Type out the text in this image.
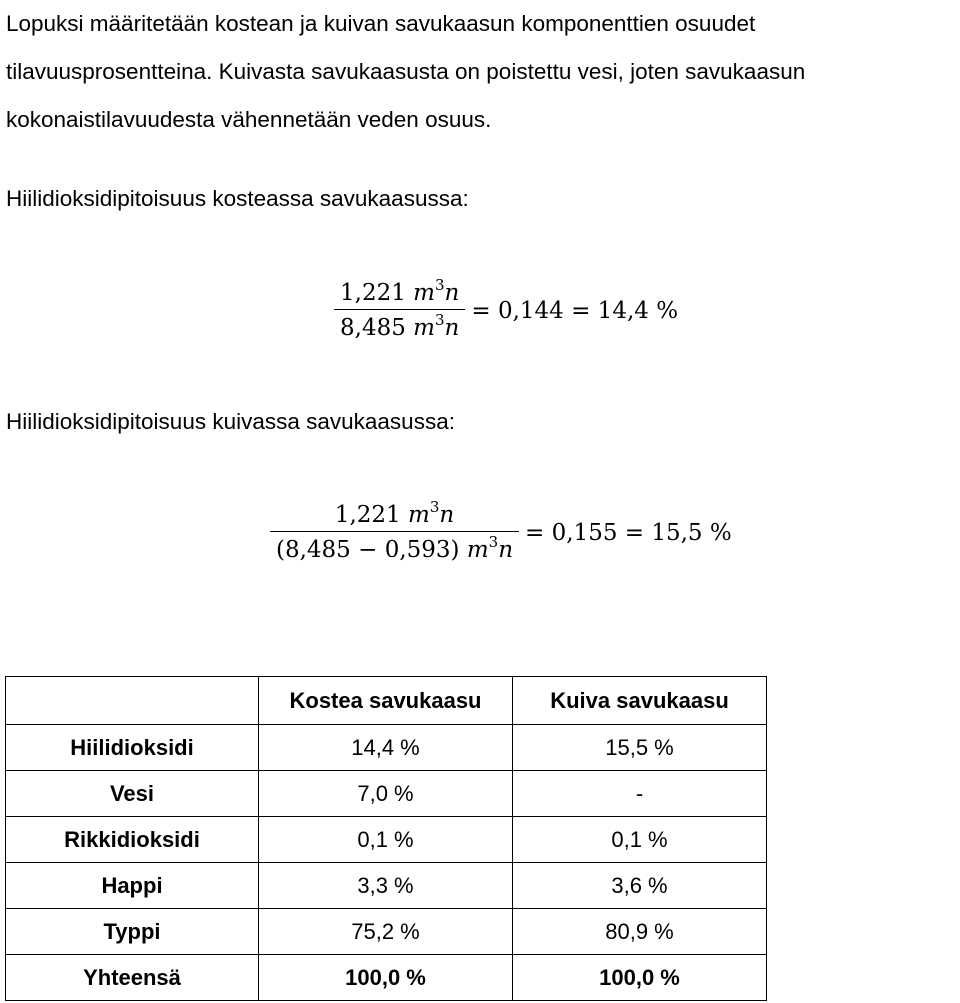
Lopuksi määritetään kostean ja kuivan savukaasun komponenttien osuudet
tilavuusprosentteina. Kuivasta savukaasusta on poistettu vesi, joten savukaasun
kokonaistilavuudesta vähennetään veden osuus.

Hiilidioksidipitoisuus kosteassa savukaasussa:

$\frac{1,221 m^3n}{8,485 m^3n} = 0,144 = 14,4$ %

Hiilidioksidipitoisuus kuivassa savukaasussa:

$\frac{1,221 m^3n}{(8,485 - 0,593) m^3n} = 0,155 = 15,5$ %
	Kostea savukaasu	Kuiva savukaasu
Hiilidioksidi	14,4 %	15,5 %
Vesi	7,0 %	-
Rikkidioksidi	0,1 %	0,1 %
Happi	3,3 %	3,6 %
Typpi	75,2 %	80,9 %
Yhteensä	100,0 %	100,0 %
